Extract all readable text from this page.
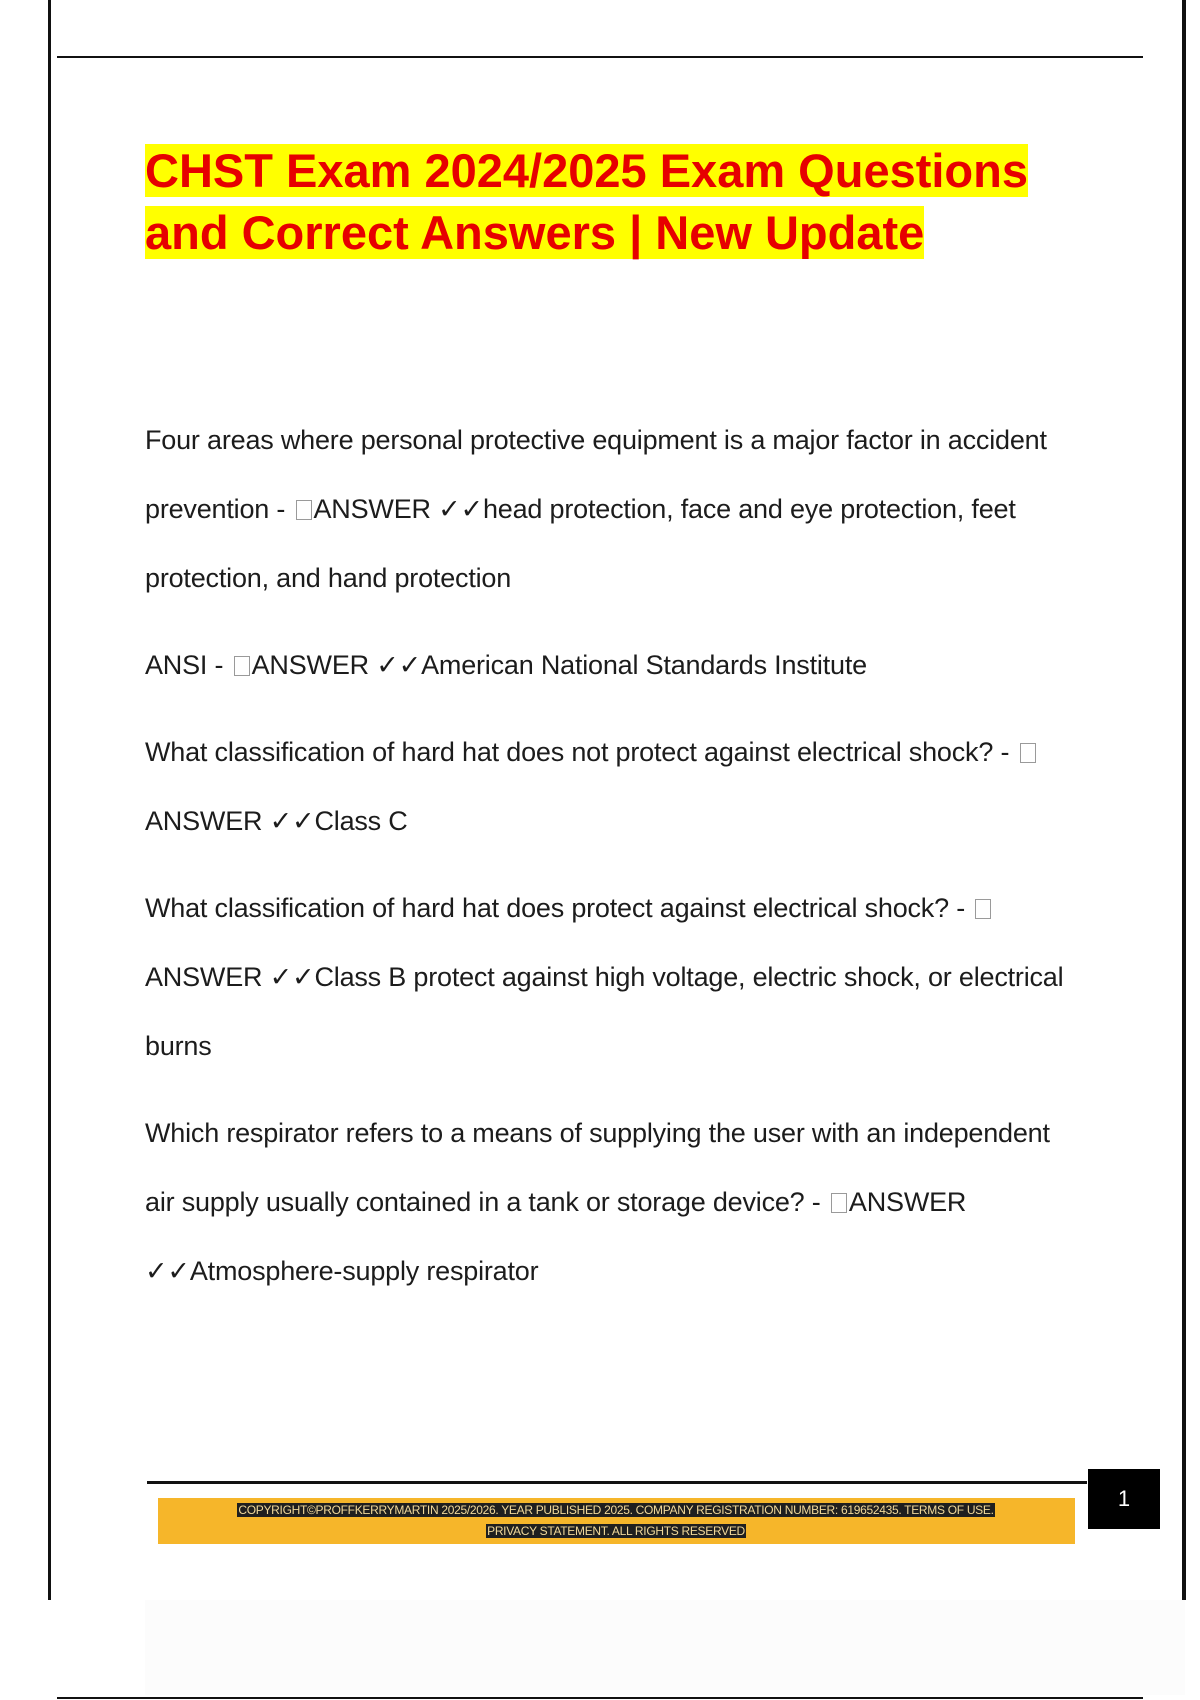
CHST Exam 2024/2025 Exam Questions and Correct Answers | New Update

Four areas where personal protective equipment is a major factor in accident prevention - ANSWER ✓✓head protection, face and eye protection, feet protection, and hand protection

ANSI - ANSWER ✓✓American National Standards Institute

What classification of hard hat does not protect against electrical shock? - ANSWER ✓✓Class C

What classification of hard hat does protect against electrical shock? - ANSWER ✓✓Class B protect against high voltage, electric shock, or electrical burns

Which respirator refers to a means of supplying the user with an independent air supply usually contained in a tank or storage device? - ANSWER ✓✓Atmosphere-supply respirator

1
COPYRIGHT©PROFFKERRYMARTIN 2025/2026. YEAR PUBLISHED 2025. COMPANY REGISTRATION NUMBER: 619652435. TERMS OF USE.
PRIVACY STATEMENT. ALL RIGHTS RESERVED
